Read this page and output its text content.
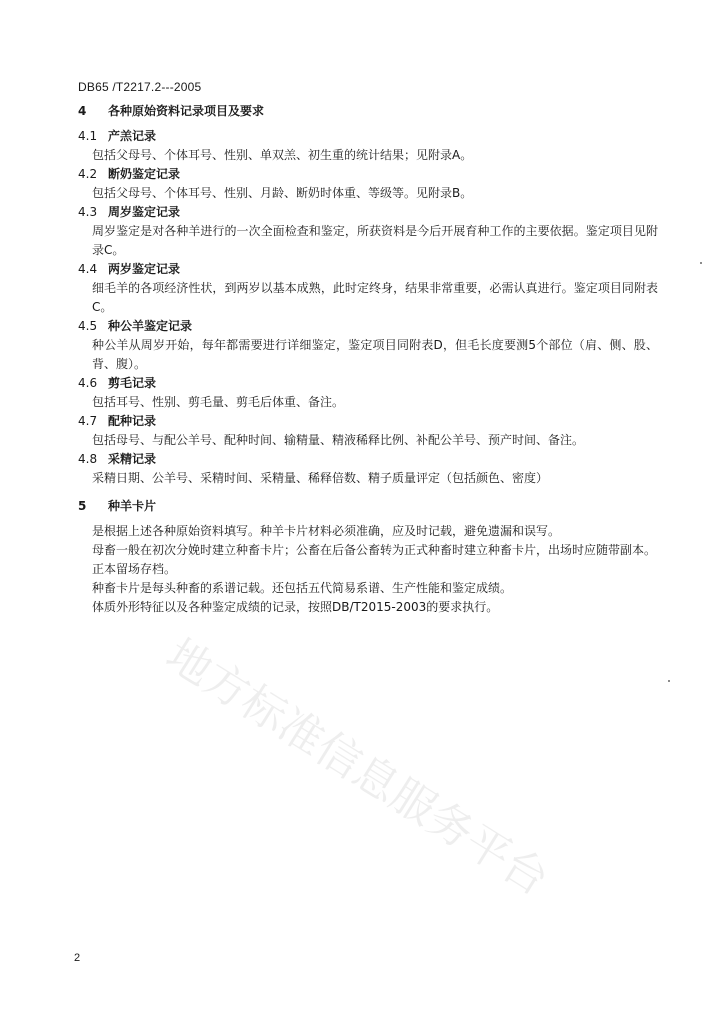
DB65 /T2217.2---2005
4 各种原始资料记录项目及要求
4.1 产羔记录
包括父母号、个体耳号、性别、单双羔、初生重的统计结果；见附录A。
4.2 断奶鉴定记录
包括父母号、个体耳号、性别、月龄、断奶时体重、等级等。见附录B。
4.3 周岁鉴定记录
周岁鉴定是对各种羊进行的一次全面检查和鉴定，所获资料是今后开展育种工作的主要依据。鉴定项目见附录C。
4.4 两岁鉴定记录
细毛羊的各项经济性状，到两岁以基本成熟，此时定终身，结果非常重要，必需认真进行。鉴定项目同附表C。
4.5 种公羊鉴定记录
种公羊从周岁开始，每年都需要进行详细鉴定，鉴定项目同附表D，但毛长度要测5个部位（肩、侧、股、背、腹）。
4.6 剪毛记录
包括耳号、性别、剪毛量、剪毛后体重、备注。
4.7 配种记录
包括母号、与配公羊号、配种时间、输精量、精液稀释比例、补配公羊号、预产时间、备注。
4.8 采精记录
采精日期、公羊号、采精时间、采精量、稀释倍数、精子质量评定（包括颜色、密度）
5 种羊卡片
是根据上述各种原始资料填写。种羊卡片材料必须准确，应及时记载，避免遗漏和误写。
母畜一般在初次分娩时建立种畜卡片；公畜在后备公畜转为正式种畜时建立种畜卡片，出场时应随带副本。正本留场存档。
种畜卡片是每头种畜的系谱记载。还包括五代简易系谱、生产性能和鉴定成绩。
体质外形特征以及各种鉴定成绩的记录，按照DB/T2015-2003的要求执行。
地方标准信息服务平台
2
